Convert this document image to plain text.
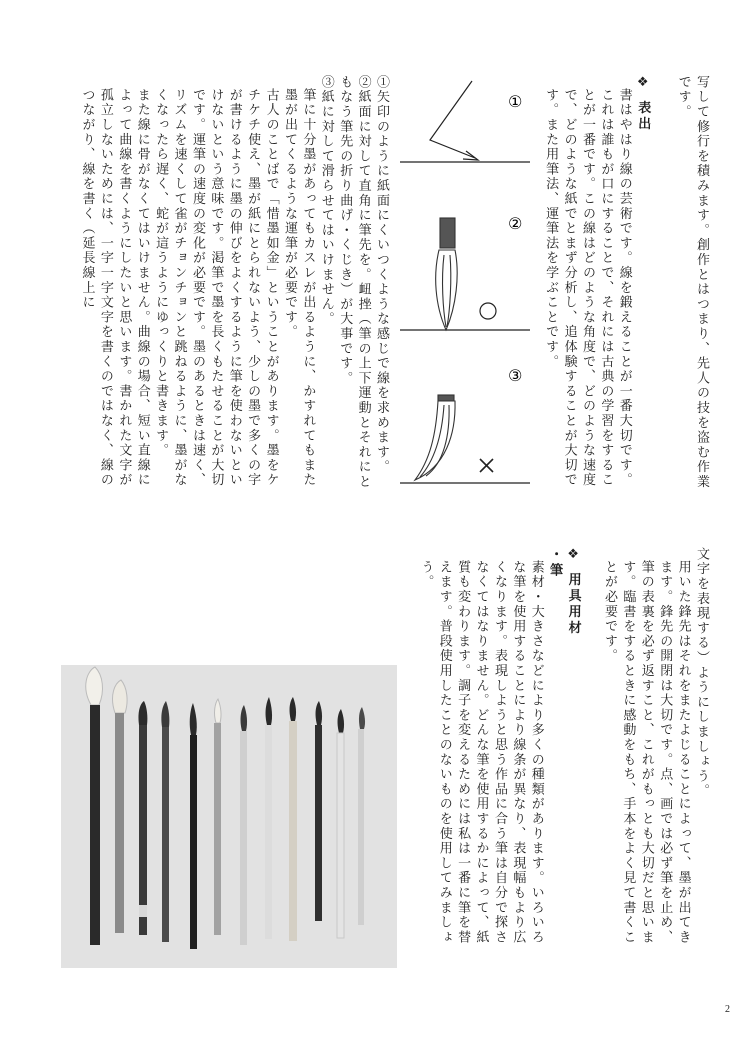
写して修行を積みます。創作とはつまり、先人の技を盗む作業です。

❖ 表出

書はやはり線の芸術です。線を鍛えることが一番大切です。これは誰もが口にすることで、それには古典の学習をすることが一番です。この線はどのような角度で、どのような速度で、どのような紙でとまず分析し、追体験することが大切です。また用筆法、運筆法を学ぶことです。

①
②
③

①矢印のように紙面にくいつくような感じで線を求めます。

②紙面に対して直角に筆先を。衄挫（筆の上下運動とそれにともなう筆先の折り曲げ・くじき）が大事です。

③紙に対して滑らせてはいけません。

筆に十分墨があってもカスレが出るように、かすれてもまた墨が出てくるような運筆が必要です。

古人のことばで「惜墨如金」ということがあります。墨をケチケチ使え、墨が紙にとられないよう、少しの墨で多くの字が書けるように墨の伸びをよくするように筆を使わないといけないという意味です。渇筆で墨を長くもたせることが大切です。運筆の速度の変化が必要です。墨のあるときは速く、リズムを速くして雀がチョンチョンと跳ねるように、墨がなくなったら遅く、蛇が這うようにゆっくりと書きます。

また線に骨がなくてはいけません。曲線の場合、短い直線によって曲線を書くようにしたいと思います。書かれた文字が孤立しないためには、一字一字文字を書くのではなく、線のつながり、線を書く（延長線上に

文字を表現する）ようにしましょう。

用いた鋒先はそれをまたよじることによって、墨が出てきます。鋒先の開閉は大切です。点、画では必ず筆を止め、筆の表裏を必ず返すこと、これがもっとも大切だと思います。臨書をするときに感動をもち、手本をよく見て書くことが必要です。

❖ 用具用材

・筆

素材・大きさなどにより多くの種類があります。いろいろな筆を使用することにより線条が異なり、表現幅もより広くなります。表現しようと思う作品に合う筆は自分で探さなくてはなりません。どんな筆を使用するかによって、紙質も変わります。調子を変えるためには私は一番に筆を替えます。普段使用したことのないものを使用してみましょう。

2
